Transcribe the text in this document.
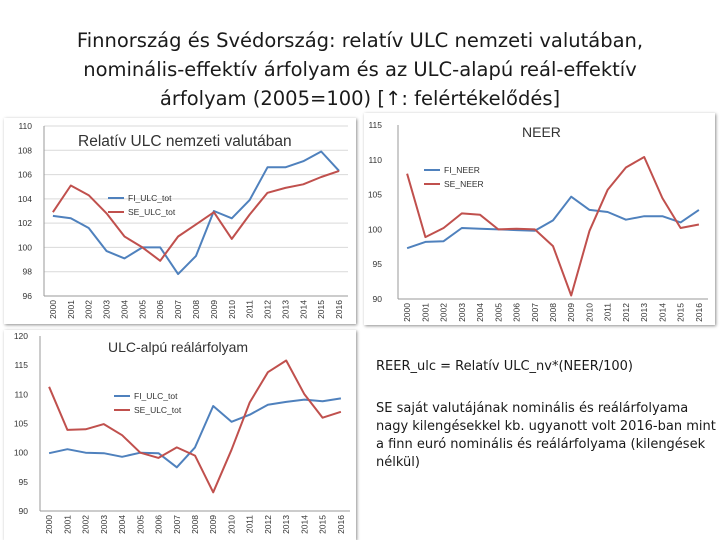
Finnország és Svédország: relatív ULC nemzeti valutában,
nominális-effektív árfolyam és az ULC-alapú reál-effektív
árfolyam (2005=100) [↑: felértékelődés]
96
98
100
102
104
106
108
110
2000 2001 2002 2003 2004 2005 2006 2007 2008 2009 2010 2011 2012 2013 2014 2015 2016
Relatív ULC nemzeti valutában
FI_ULC_tot
SE_ULC_tot
90
95
100
105
110
115
2000 2001 2002 2003 2004 2005 2006 2007 2008 2009 2010 2011 2012 2013 2014 2015 2016
NEER
FI_NEER
SE_NEER
90
95
100
105
110
115
120
2000 2001 2002 2003 2004 2005 2006 2007 2008 2009 2010 2011 2012 2013 2014 2015 2016
ULC-alpú reálárfolyam
FI_ULC_tot
SE_ULC_tot
REER_ulc = Relatív ULC_nv*(NEER/100)
SE saját valutájának nominális és reálárfolyama nagy kilengésekkel kb. ugyanott volt 2016-ban mint a finn euró nominális és reálárfolyama (kilengések nélkül)
